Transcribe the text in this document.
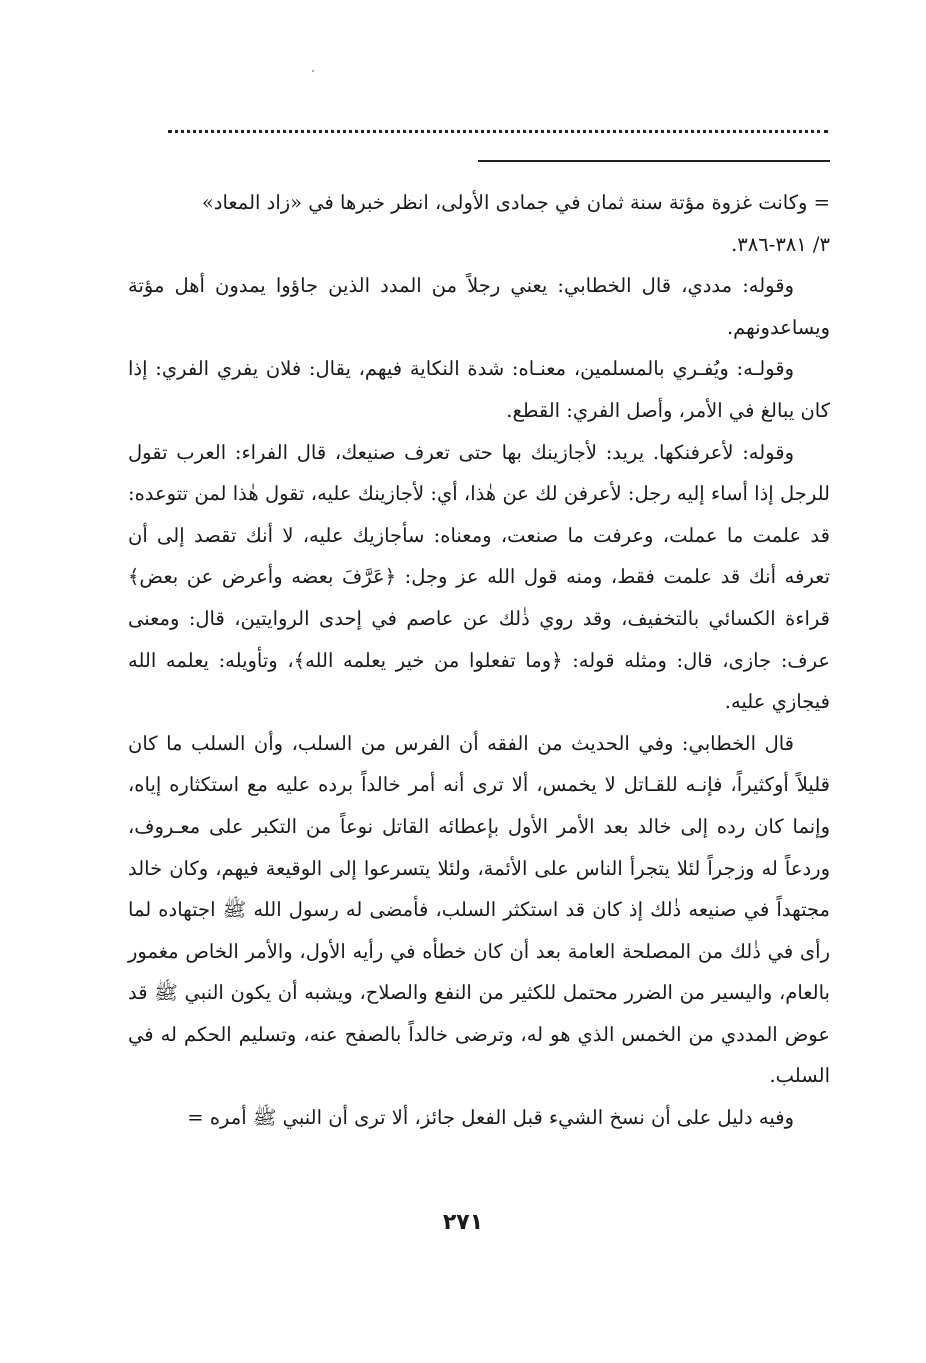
= وكانت غزوة مؤتة سنة ثمان في جمادى الأولى، انظر خبرها في «زاد المعاد»
٣/ ٣٨١-٣٨٦.

وقوله: مددي، قال الخطابي: يعني رجلاً من المدد الذين جاؤوا يمدون أهل مؤتة ويساعدونهم.

وقولـه: ويُفـري بالمسلمين، معنـاه: شدة النكاية فيهم، يقال: فلان يفري الفري: إذا كان يبالغ في الأمر، وأصل الفري: القطع.

وقوله: لأعرفنكها. يريد: لأجازينك بها حتى تعرف صنيعك، قال الفراء: العرب تقول للرجل إذا أساء إليه رجل: لأعرفن لك عن هٰذا، أي: لأجازينك عليه، تقول هٰذا لمن تتوعده: قد علمت ما عملت، وعرفت ما صنعت، ومعناه: سأجازيك عليه، لا أنك تقصد إلى أن تعرفه أنك قد علمت فقط، ومنه قول الله عز وجل: ﴿عَرَّفَ بعضه وأعرض عن بعض﴾ قراءة الكسائي بالتخفيف، وقد روي ذٰلك عن عاصم في إحدى الروايتين، قال: ومعنى عرف: جازى، قال: ومثله قوله: ﴿وما تفعلوا من خير يعلمه الله﴾، وتأويله: يعلمه الله فيجازي عليه.

قال الخطابي: وفي الحديث من الفقه أن الفرس من السلب، وأن السلب ما كان قليلاً أوكثيراً، فإنـه للقـاتل لا يخمس، ألا ترى أنه أمر خالداً برده عليه مع استكثاره إياه، وإنما كان رده إلى خالد بعد الأمر الأول بإعطائه القاتل نوعاً من التكبر على معـروف، وردعاً له وزجراً لئلا يتجرأ الناس على الأئمة، ولئلا يتسرعوا إلى الوقيعة فيهم، وكان خالد مجتهداً في صنيعه ذٰلك إذ كان قد استكثر السلب، فأمضى له رسول الله ﷺ اجتهاده لما رأى في ذٰلك من المصلحة العامة بعد أن كان خطأه في رأيه الأول، والأمر الخاص مغمور بالعام، واليسير من الضرر محتمل للكثير من النفع والصلاح، ويشبه أن يكون النبي ﷺ قد عوض المددي من الخمس الذي هو له، وترضى خالداً بالصفح عنه، وتسليم الحكم له في السلب.

وفيه دليل على أن نسخ الشيء قبل الفعل جائز، ألا ترى أن النبي ﷺ أمره =

٢٧١
